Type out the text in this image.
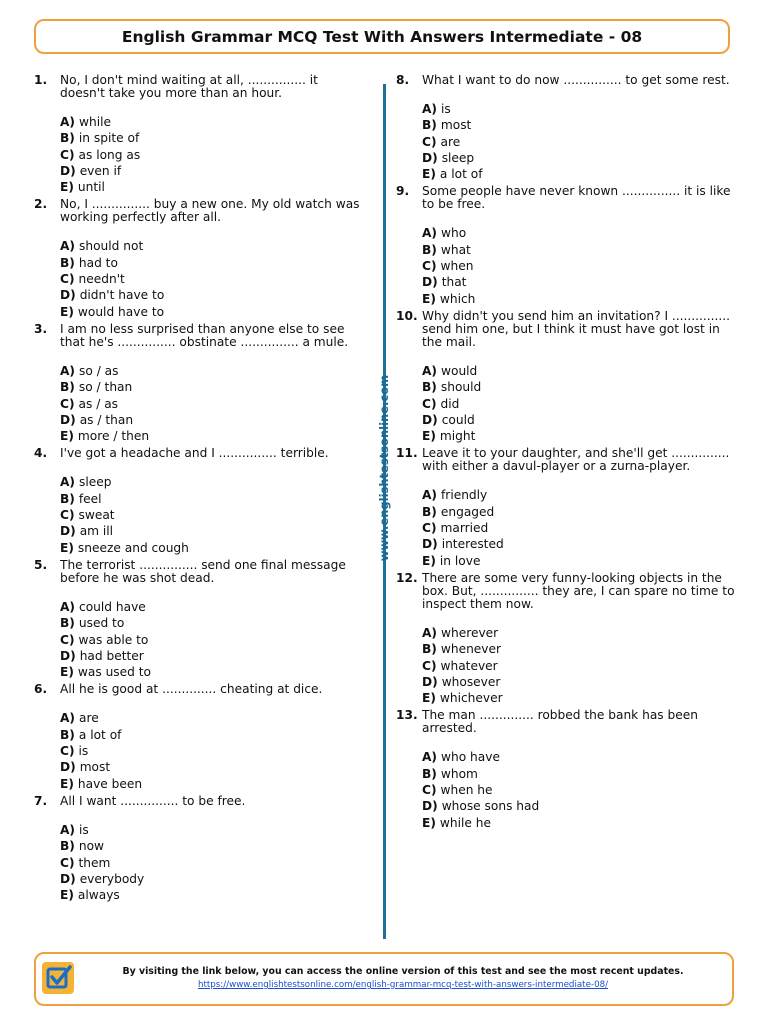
English Grammar MCQ Test With Answers Intermediate - 08
1.	No, I don't mind waiting at all, ............... it doesn't take you more than an hour.
A) while
B) in spite of
C) as long as
D) even if
E) until
2.	No, I ............... buy a new one. My old watch was working perfectly after all.
A) should not
B) had to
C) needn't
D) didn't have to
E) would have to
3.	I am no less surprised than anyone else to see that he's ............... obstinate ............... a mule.
A) so / as
B) so / than
C) as / as
D) as / than
E) more / then
4.	I've got a headache and I ............... terrible.
A) sleep
B) feel
C) sweat
D) am ill
E) sneeze and cough
5.	The terrorist ............... send one final message before he was shot dead.
A) could have
B) used to
C) was able to
D) had better
E) was used to
6.	All he is good at .............. cheating at dice.
A) are
B) a lot of
C) is
D) most
E) have been
7.	All I want ............... to be free.
A) is
B) now
C) them
D) everybody
E) always
www.englishtestsonline.com
8.	What I want to do now ............... to get some rest.
A) is
B) most
C) are
D) sleep
E) a lot of
9.	Some people have never known ............... it is like to be free.
A) who
B) what
C) when
D) that
E) which
10. Why didn't you send him an invitation? I ............... send him one, but I think it must have got lost in the mail.
A) would
B) should
C) did
D) could
E) might
11. Leave it to your daughter, and she'll get ............... with either a davul-player or a zurna-player.
A) friendly
B) engaged
C) married
D) interested
E) in love
12. There are some very funny-looking objects in the box. But, ............... they are, I can spare no time to inspect them now.
A) wherever
B) whenever
C) whatever
D) whosever
E) whichever
13. The man .............. robbed the bank has been arrested.
A) who have
B) whom
C) when he
D) whose sons had
E) while he
By visiting the link below, you can access the online version of this test and see the most recent updates.
https://www.englishtestsonline.com/english-grammar-mcq-test-with-answers-intermediate-08/
